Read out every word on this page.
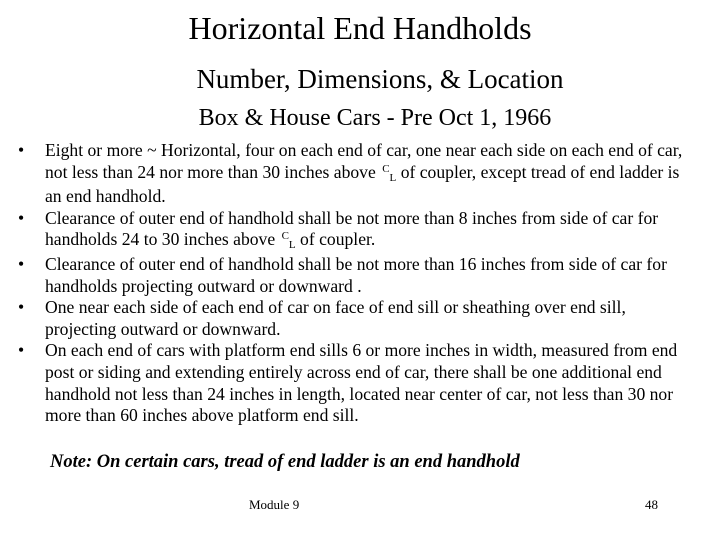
Horizontal End Handholds
Number, Dimensions, & Location
Box & House Cars - Pre Oct 1, 1966
• Eight or more ~ Horizontal, four on each end of car, one near each side on each end of car, not less than 24 nor more than 30 inches above $^C$L of coupler, except tread of end ladder is an end handhold.
• Clearance of outer end of handhold shall be not more than 8 inches from side of car for handholds 24 to 30 inches above $^C$L of coupler.
• Clearance of outer end of handhold shall be not more than 16 inches from side of car for handholds projecting outward or downward .
• One near each side of each end of car on face of end sill or sheathing over end sill, projecting outward or downward.
• On each end of cars with platform end sills 6 or more inches in width, measured from end post or siding and extending entirely across end of car, there shall be one additional end handhold not less than 24 inches in length, located near center of car, not less than 30 nor more than 60 inches above platform end sill.
Note: On certain cars, tread of end ladder is an end handhold
Module 9	48
